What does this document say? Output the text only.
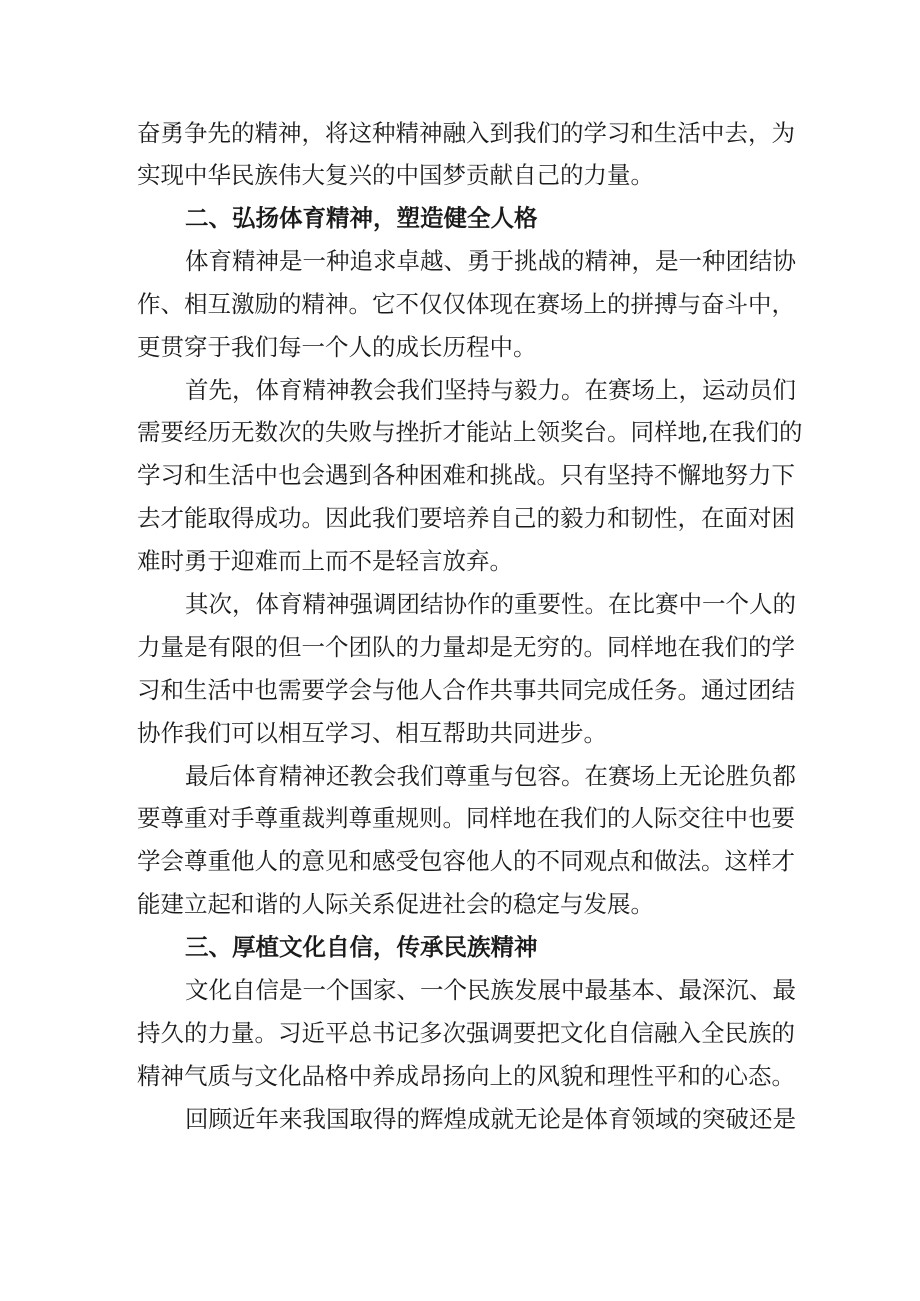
奋勇争先的精神，将这种精神融入到我们的学习和生活中去，为
实现中华民族伟大复兴的中国梦贡献自己的力量。
二、弘扬体育精神，塑造健全人格
体育精神是一种追求卓越、勇于挑战的精神，是一种团结协
作、相互激励的精神。它不仅仅体现在赛场上的拼搏与奋斗中，
更贯穿于我们每一个人的成长历程中。
首先，体育精神教会我们坚持与毅力。在赛场上，运动员们
需要经历无数次的失败与挫折才能站上领奖台。同样地,在我们的
学习和生活中也会遇到各种困难和挑战。只有坚持不懈地努力下
去才能取得成功。因此我们要培养自己的毅力和韧性，在面对困
难时勇于迎难而上而不是轻言放弃。
其次，体育精神强调团结协作的重要性。在比赛中一个人的
力量是有限的但一个团队的力量却是无穷的。同样地在我们的学
习和生活中也需要学会与他人合作共事共同完成任务。通过团结
协作我们可以相互学习、相互帮助共同进步。
最后体育精神还教会我们尊重与包容。在赛场上无论胜负都
要尊重对手尊重裁判尊重规则。同样地在我们的人际交往中也要
学会尊重他人的意见和感受包容他人的不同观点和做法。这样才
能建立起和谐的人际关系促进社会的稳定与发展。
三、厚植文化自信，传承民族精神
文化自信是一个国家、一个民族发展中最基本、最深沉、最
持久的力量。习近平总书记多次强调要把文化自信融入全民族的
精神气质与文化品格中养成昂扬向上的风貌和理性平和的心态。
回顾近年来我国取得的辉煌成就无论是体育领域的突破还是
